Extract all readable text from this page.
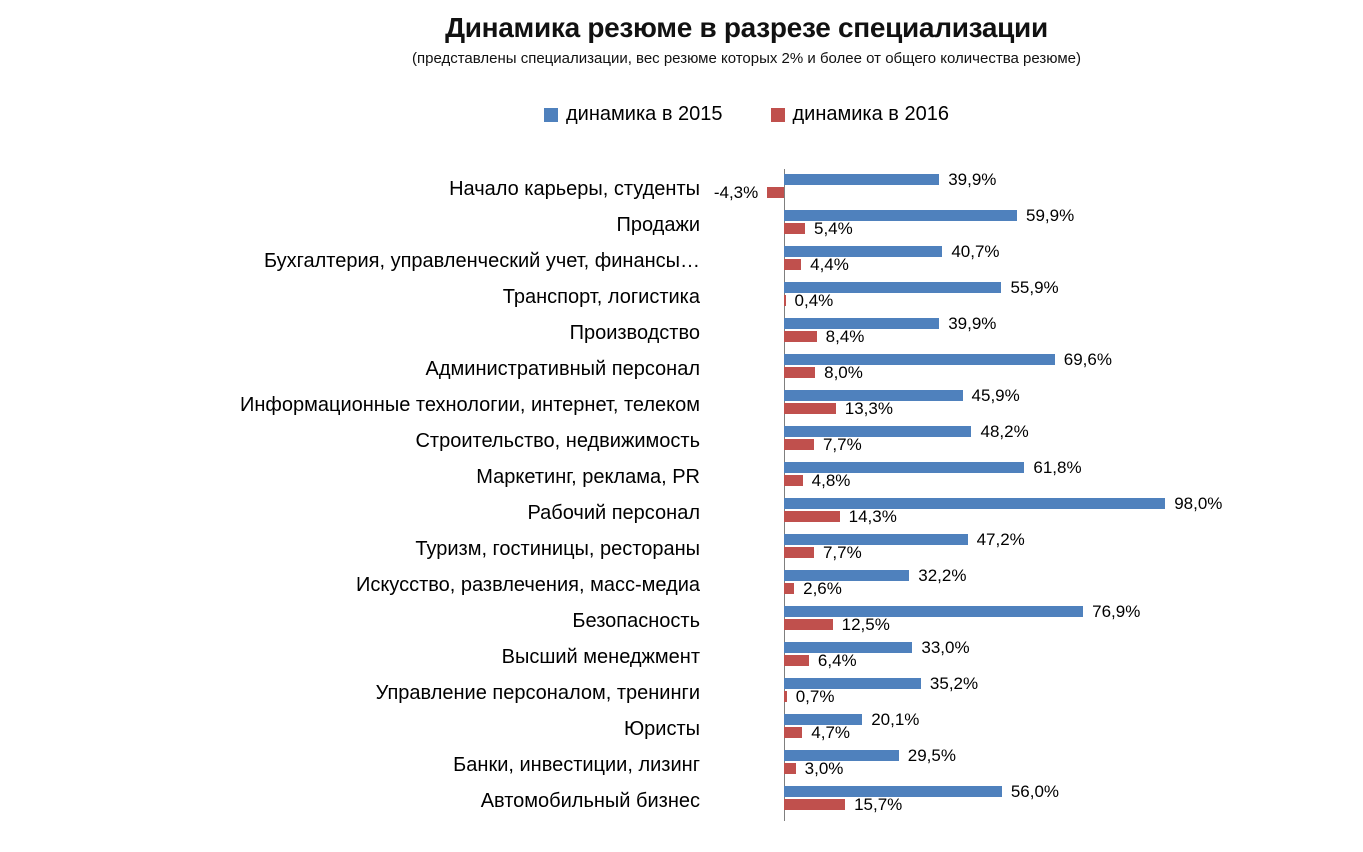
Динамика резюме в разрезе специализации
(представлены специализации, вес резюме которых 2% и более от общего количества резюме)
динамика в 2015	динамика в 2016
Начало карьеры, студенты	39,9%
-4,3%
Продажи	59,9%
5,4%
Бухгалтерия, управленческий учет, финансы…	40,7%
4,4%
Транспорт, логистика	55,9%
0,4%
Производство	39,9%
8,4%
Административный персонал	69,6%
8,0%
Информационные технологии, интернет, телеком	45,9%
13,3%
Строительство, недвижимость	48,2%
7,7%
Маркетинг, реклама, PR	61,8%
4,8%
Рабочий персонал	98,0%
14,3%
Туризм, гостиницы, рестораны	47,2%
7,7%
Искусство, развлечения, масс-медиа	32,2%
2,6%
Безопасность	76,9%
12,5%
Высший менеджмент	33,0%
6,4%
Управление персоналом, тренинги	35,2%
0,7%
Юристы	20,1%
4,7%
Банки, инвестиции, лизинг	29,5%
3,0%
Автомобильный бизнес	56,0%
15,7%
